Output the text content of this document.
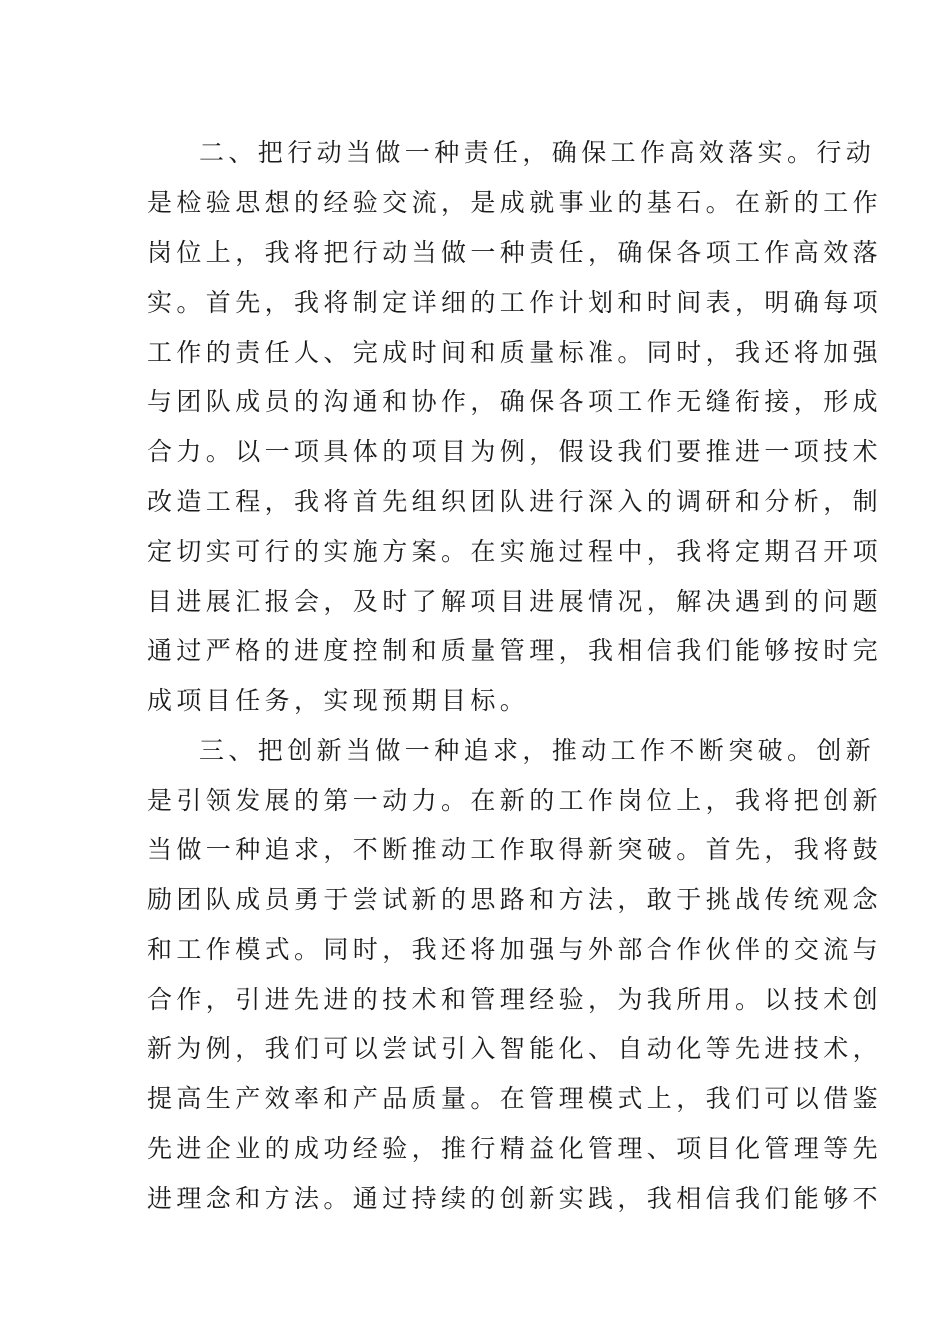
二、把行动当做一种责任，确保工作高效落实。行动
是检验思想的经验交流，是成就事业的基石。在新的工作
岗位上，我将把行动当做一种责任，确保各项工作高效落
实。首先，我将制定详细的工作计划和时间表，明确每项
工作的责任人、完成时间和质量标准。同时，我还将加强
与团队成员的沟通和协作，确保各项工作无缝衔接，形成
合力。以一项具体的项目为例，假设我们要推进一项技术
改造工程，我将首先组织团队进行深入的调研和分析，制
定切实可行的实施方案。在实施过程中，我将定期召开项
目进展汇报会，及时了解项目进展情况，解决遇到的问题
通过严格的进度控制和质量管理，我相信我们能够按时完
成项目任务，实现预期目标。
三、把创新当做一种追求，推动工作不断突破。创新
是引领发展的第一动力。在新的工作岗位上，我将把创新
当做一种追求，不断推动工作取得新突破。首先，我将鼓
励团队成员勇于尝试新的思路和方法，敢于挑战传统观念
和工作模式。同时，我还将加强与外部合作伙伴的交流与
合作，引进先进的技术和管理经验，为我所用。以技术创
新为例，我们可以尝试引入智能化、自动化等先进技术，
提高生产效率和产品质量。在管理模式上，我们可以借鉴
先进企业的成功经验，推行精益化管理、项目化管理等先
进理念和方法。通过持续的创新实践，我相信我们能够不
